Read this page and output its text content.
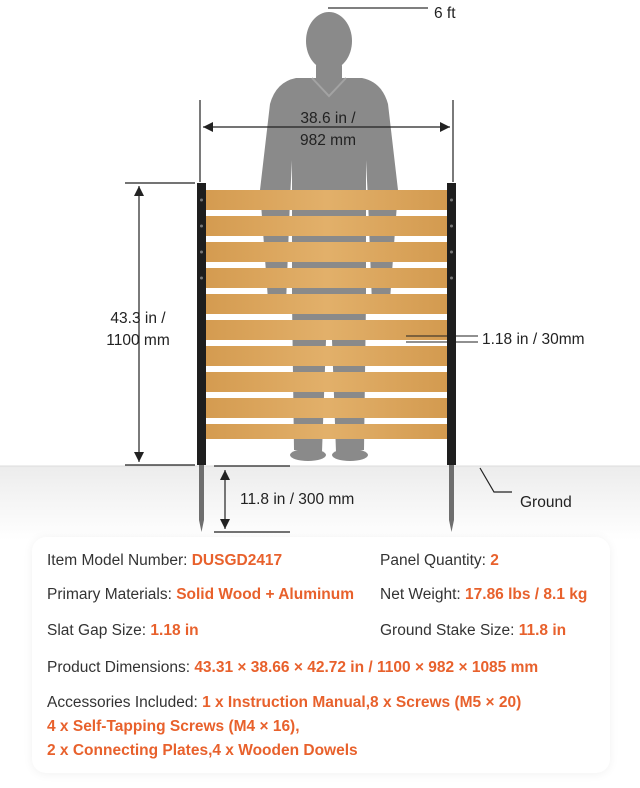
6 ft
38.6 in /
982 mm
43.3 in /
1100 mm	1.18 in / 30mm
11.8 in / 300 mm	Ground
Item Model Number: DUSGD2417	Panel Quantity: 2
Primary Materials: Solid Wood + Aluminum Net Weight: 17.86 lbs / 8.1 kg
Slat Gap Size: 1.18 in	Ground Stake Size: 11.8 in
Product Dimensions: 43.31 × 38.66 × 42.72 in / 1100 × 982 × 1085 mm
Accessories Included: 1 x Instruction Manual,8 x Screws (M5 × 20)
4 x Self-Tapping Screws (M4 × 16),
2 x Connecting Plates,4 x Wooden Dowels
